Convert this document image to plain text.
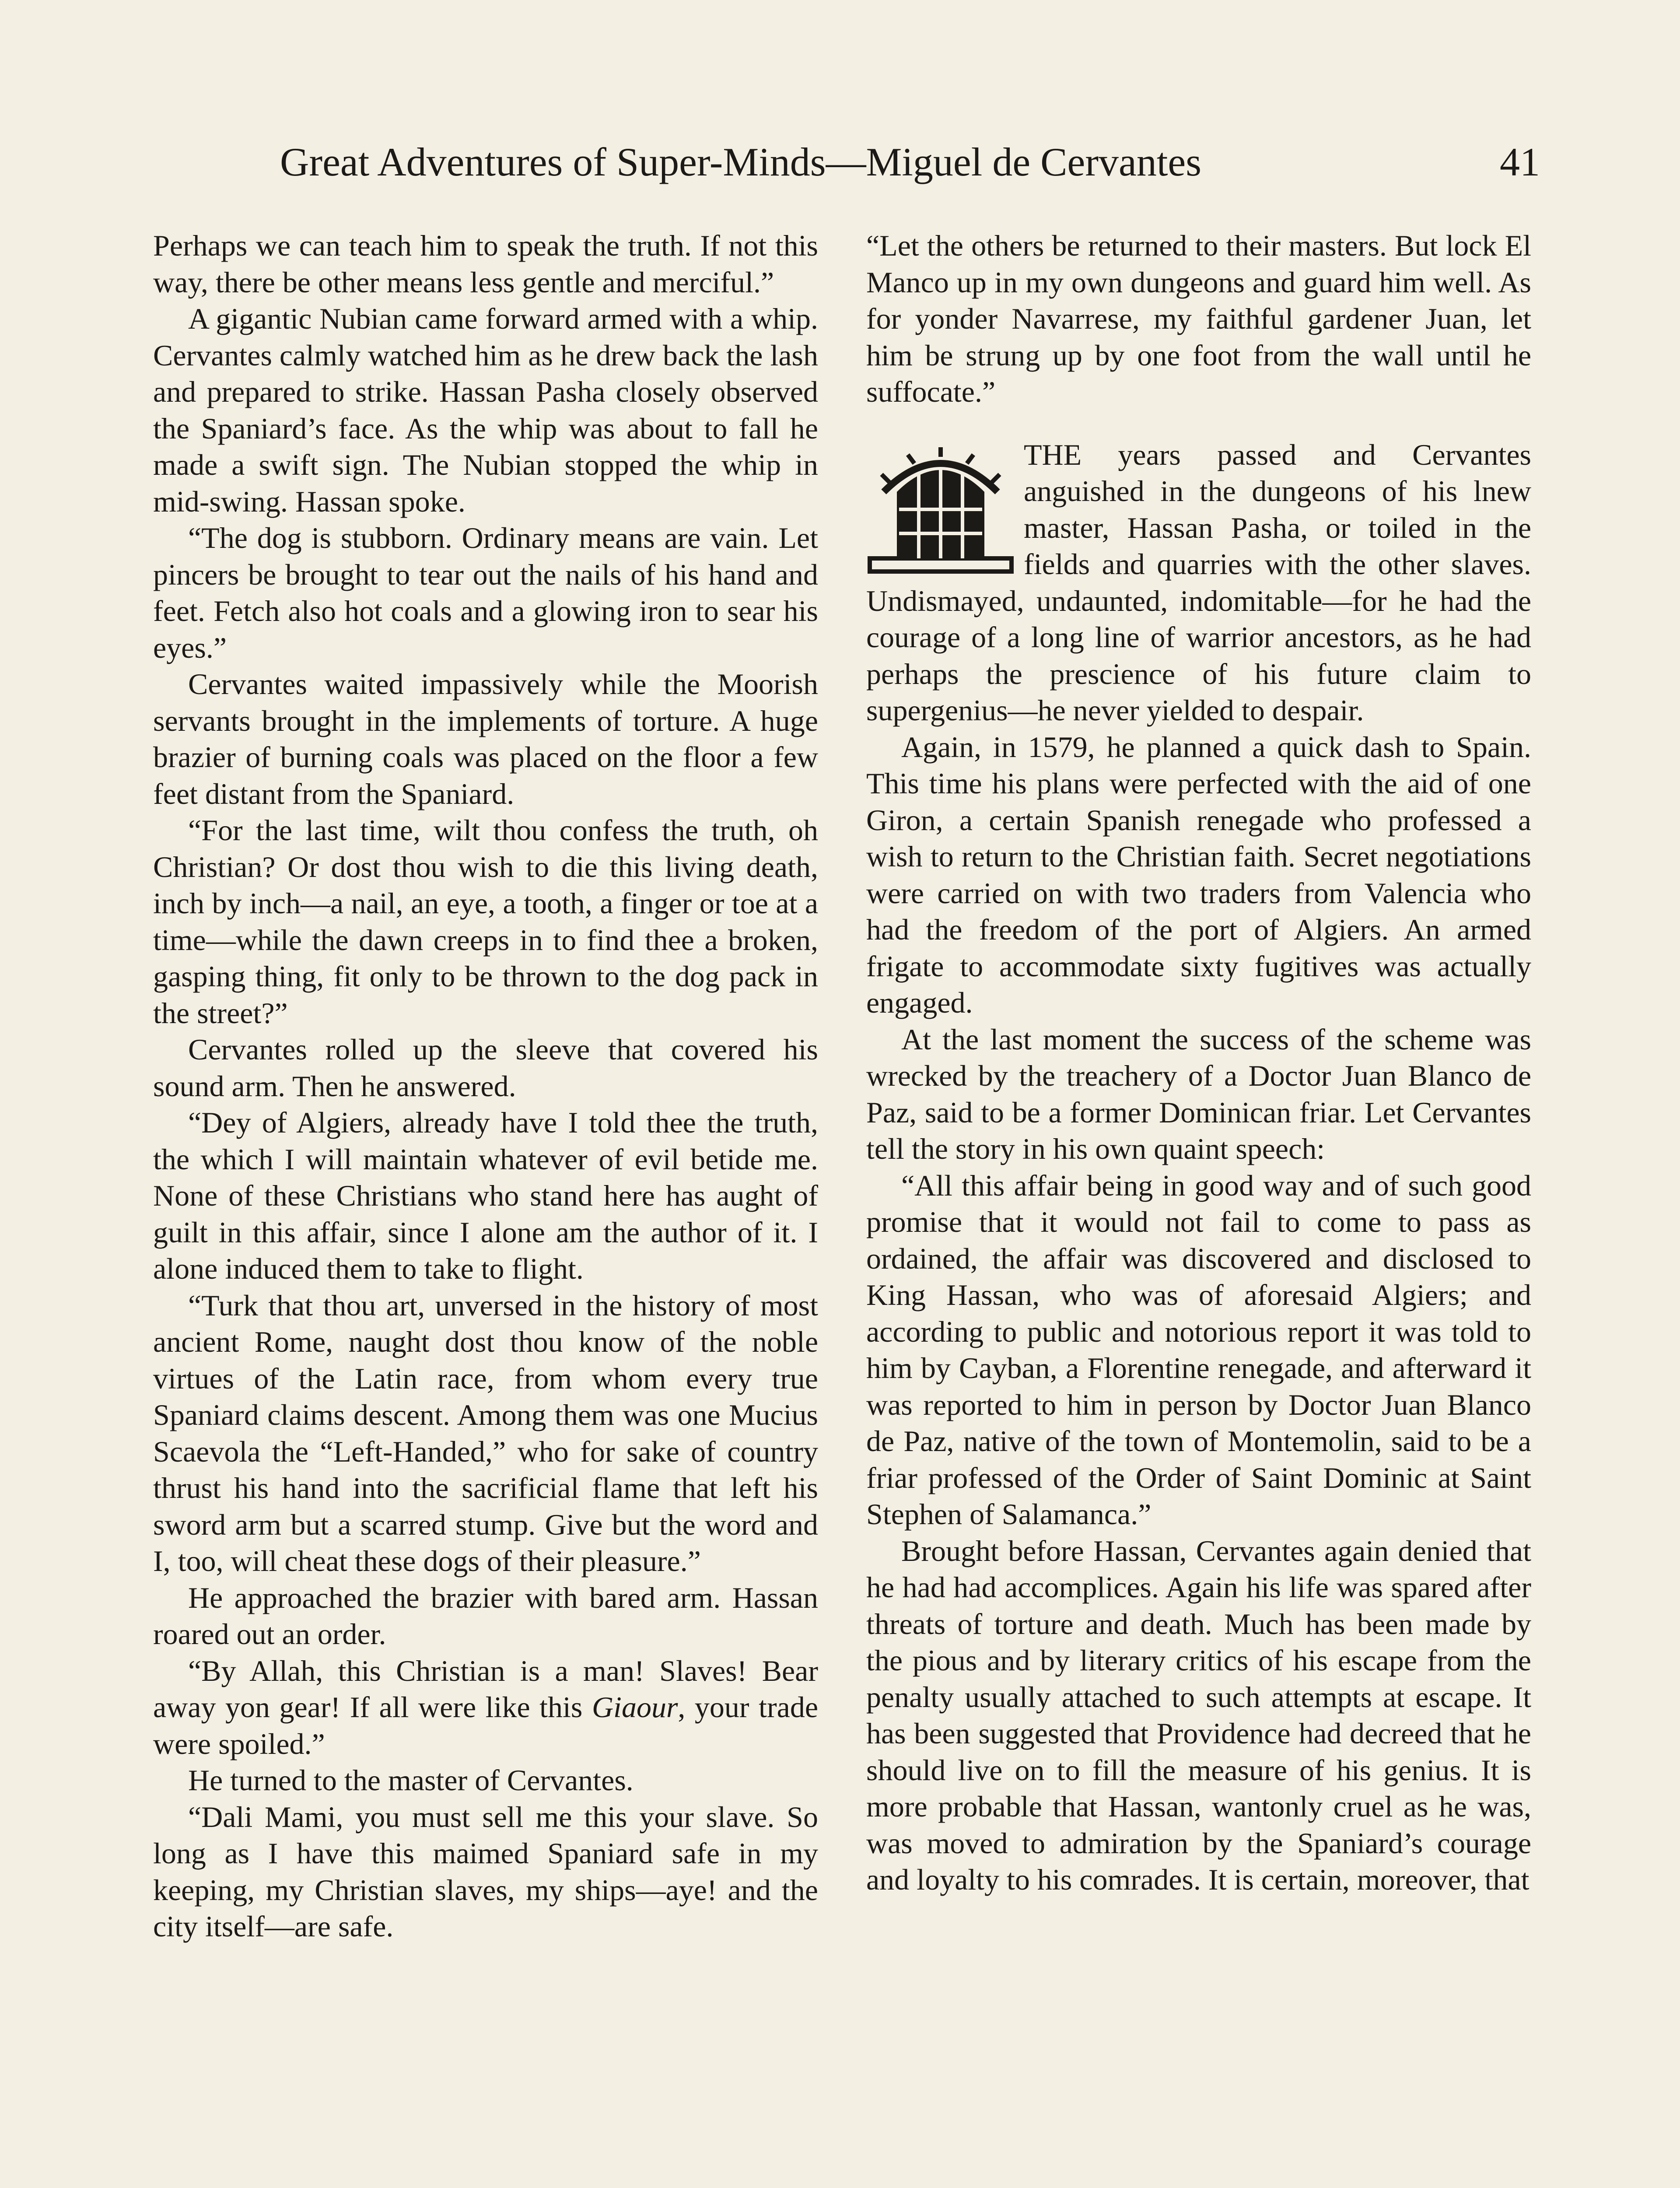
Great Adventures of Super-Minds—Miguel de Cervantes	41

Perhaps we can teach him to speak the truth. If not this way, there be other means less gentle and merciful.”

A gigantic Nubian came forward armed with a whip. Cervantes calmly watched him as he drew back the lash and prepared to strike. Hassan Pasha closely observed the Spaniard’s face. As the whip was about to fall he made a swift sign. The Nubian stopped the whip in mid-swing. Hassan spoke.

“The dog is stubborn. Ordinary means are vain. Let pincers be brought to tear out the nails of his hand and feet. Fetch also hot coals and a glowing iron to sear his eyes.”

Cervantes waited impassively while the Moorish servants brought in the implements of torture. A huge brazier of burning coals was placed on the floor a few feet distant from the Spaniard.

“For the last time, wilt thou confess the truth, oh Christian? Or dost thou wish to die this living death, inch by inch—a nail, an eye, a tooth, a finger or toe at a time—while the dawn creeps in to find thee a broken, gasping thing, fit only to be thrown to the dog pack in the street?”

Cervantes rolled up the sleeve that covered his sound arm. Then he answered.

“Dey of Algiers, already have I told thee the truth, the which I will maintain whatever of evil betide me. None of these Christians who stand here has aught of guilt in this affair, since I alone am the author of it. I alone induced them to take to flight.

“Turk that thou art, unversed in the history of most ancient Rome, naught dost thou know of the noble virtues of the Latin race, from whom every true Spaniard claims descent. Among them was one Mucius Scaevola the “Left-Handed,” who for sake of country thrust his hand into the sacrificial flame that left his sword arm but a scarred stump. Give but the word and I, too, will cheat these dogs of their pleasure.”

He approached the brazier with bared arm. Hassan roared out an order.

“By Allah, this Christian is a man! Slaves! Bear away yon gear! If all were like this Giaour, your trade were spoiled.”

He turned to the master of Cervantes.

“Dali Mami, you must sell me this your slave. So long as I have this maimed Spaniard safe in my keeping, my Christian slaves, my ships—aye! and the city itself—are safe.

“Let the others be returned to their masters. But lock El Manco up in my own dungeons and guard him well. As for yonder Navarrese, my faithful gardener Juan, let him be strung up by one foot from the wall until he suffocate.”

THE years passed and Cervantes anguished in the dungeons of his lnew master, Hassan Pasha, or toiled in the fields and quarries with the other slaves. Undismayed, undaunted, indomitable—for he had the courage of a long line of warrior ancestors, as he had perhaps the prescience of his future claim to supergenius—he never yielded to despair.

Again, in 1579, he planned a quick dash to Spain. This time his plans were perfected with the aid of one Giron, a certain Spanish renegade who professed a wish to return to the Christian faith. Secret negotiations were carried on with two traders from Valencia who had the freedom of the port of Algiers. An armed frigate to accommodate sixty fugitives was actually engaged.

At the last moment the success of the scheme was wrecked by the treachery of a Doctor Juan Blanco de Paz, said to be a former Dominican friar. Let Cervantes tell the story in his own quaint speech:

“All this affair being in good way and of such good promise that it would not fail to come to pass as ordained, the affair was discovered and disclosed to King Hassan, who was of aforesaid Algiers; and according to public and notorious report it was told to him by Cayban, a Florentine renegade, and afterward it was reported to him in person by Doctor Juan Blanco de Paz, native of the town of Montemolin, said to be a friar professed of the Order of Saint Dominic at Saint Stephen of Salamanca.”

Brought before Hassan, Cervantes again denied that he had had accomplices. Again his life was spared after threats of torture and death. Much has been made by the pious and by literary critics of his escape from the penalty usually attached to such attempts at escape. It has been suggested that Providence had decreed that he should live on to fill the measure of his genius. It is more probable that Hassan, wantonly cruel as he was, was moved to admiration by the Spaniard’s courage and loyalty to his comrades. It is certain, moreover, that
